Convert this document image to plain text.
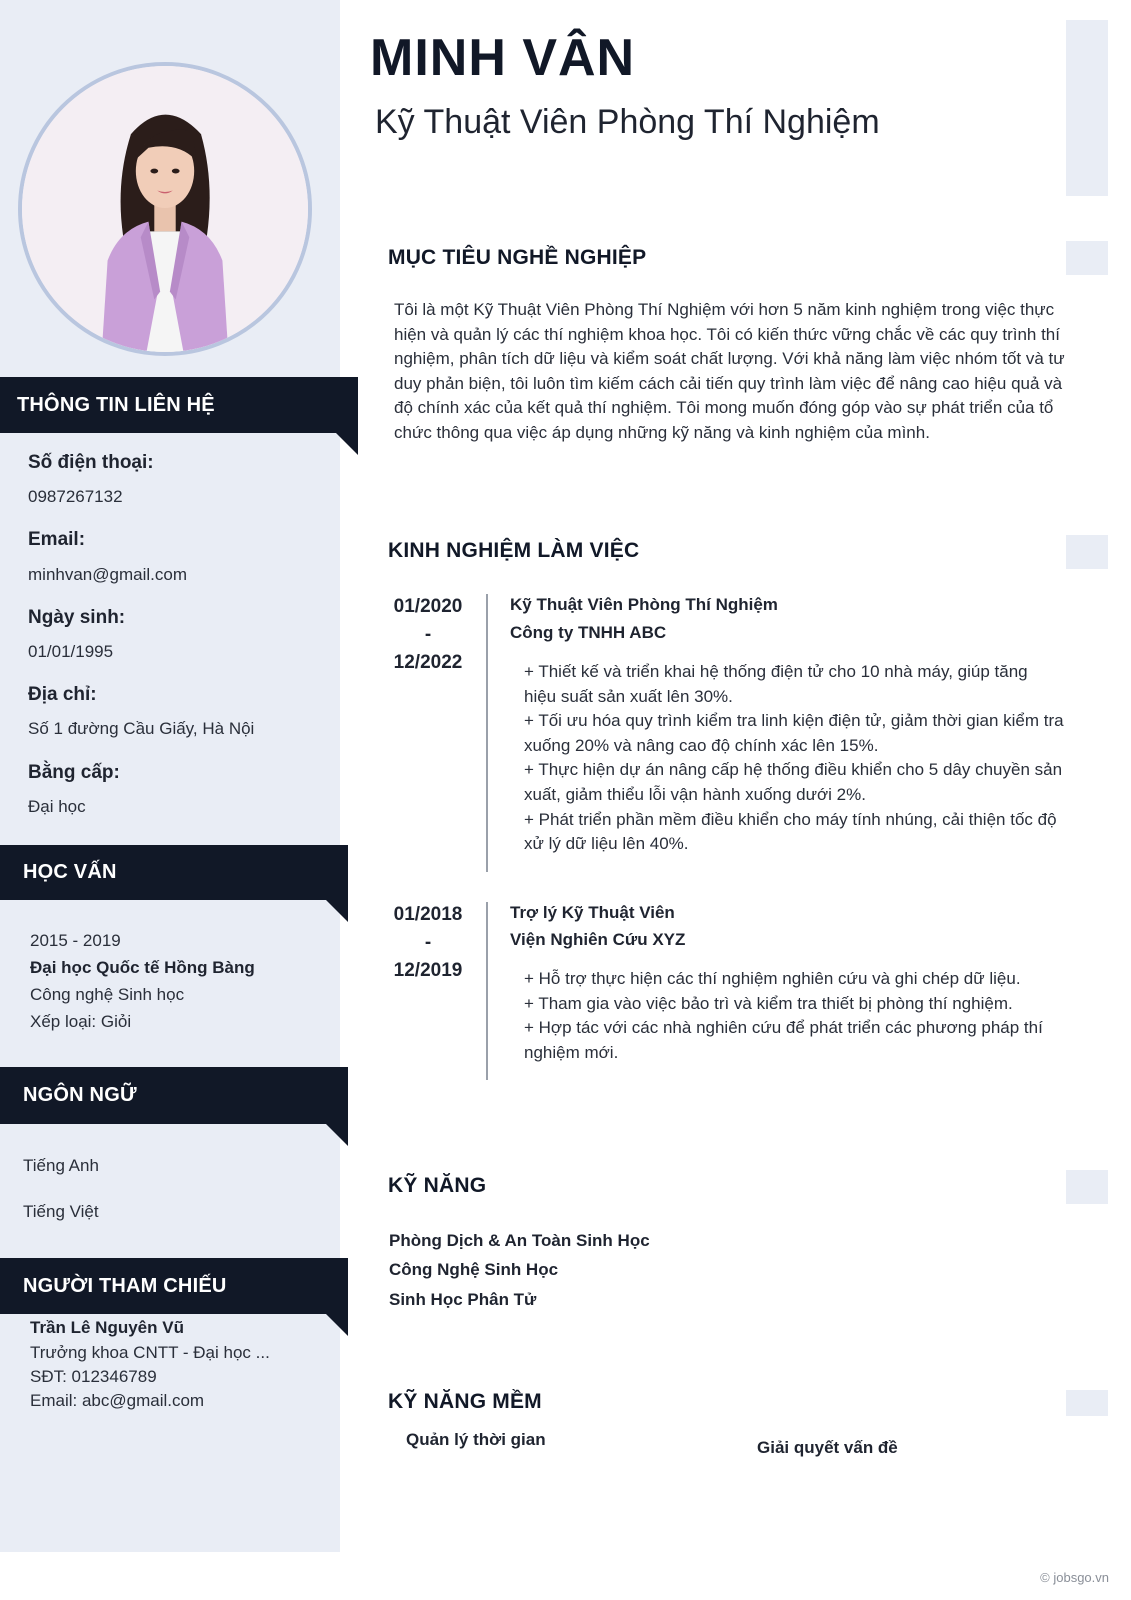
THÔNG TIN LIÊN HỆ
Số điện thoại:
0987267132
Email:
minhvan@gmail.com
Ngày sinh:
01/01/1995
Địa chỉ:
Số 1 đường Cầu Giấy, Hà Nội
Bằng cấp:
Đại học
HỌC VẤN
2015 - 2019
Đại học Quốc tế Hồng Bàng
Công nghệ Sinh học
Xếp loại: Giỏi
NGÔN NGỮ
Tiếng Anh
Tiếng Việt
NGƯỜI THAM CHIẾU
Trần Lê Nguyên Vũ
Trưởng khoa CNTT - Đại học ...
SĐT: 012346789
Email: abc@gmail.com
MINH VÂN
Kỹ Thuật Viên Phòng Thí Nghiệm
MỤC TIÊU NGHỀ NGHIỆP
Tôi là một Kỹ Thuật Viên Phòng Thí Nghiệm với hơn 5 năm kinh nghiệm trong việc thực hiện và quản lý các thí nghiệm khoa học. Tôi có kiến thức vững chắc về các quy trình thí nghiệm, phân tích dữ liệu và kiểm soát chất lượng. Với khả năng làm việc nhóm tốt và tư duy phản biện, tôi luôn tìm kiếm cách cải tiến quy trình làm việc để nâng cao hiệu quả và độ chính xác của kết quả thí nghiệm. Tôi mong muốn đóng góp vào sự phát triển của tổ chức thông qua việc áp dụng những kỹ năng và kinh nghiệm của mình.
KINH NGHIỆM LÀM VIỆC
01/2020
-
12/2022
Kỹ Thuật Viên Phòng Thí Nghiệm
Công ty TNHH ABC
+ Thiết kế và triển khai hệ thống điện tử cho 10 nhà máy, giúp tăng hiệu suất sản xuất lên 30%.
+ Tối ưu hóa quy trình kiểm tra linh kiện điện tử, giảm thời gian kiểm tra xuống 20% và nâng cao độ chính xác lên 15%.
+ Thực hiện dự án nâng cấp hệ thống điều khiển cho 5 dây chuyền sản xuất, giảm thiểu lỗi vận hành xuống dưới 2%.
+ Phát triển phần mềm điều khiển cho máy tính nhúng, cải thiện tốc độ xử lý dữ liệu lên 40%.
01/2018
-
12/2019
Trợ lý Kỹ Thuật Viên
Viện Nghiên Cứu XYZ
+ Hỗ trợ thực hiện các thí nghiệm nghiên cứu và ghi chép dữ liệu.
+ Tham gia vào việc bảo trì và kiểm tra thiết bị phòng thí nghiệm.
+ Hợp tác với các nhà nghiên cứu để phát triển các phương pháp thí nghiệm mới.
KỸ NĂNG
Phòng Dịch & An Toàn Sinh Học
Công Nghệ Sinh Học
Sinh Học Phân Tử
KỸ NĂNG MỀM
Quản lý thời gian	Giải quyết vấn đề
© jobsgo.vn
